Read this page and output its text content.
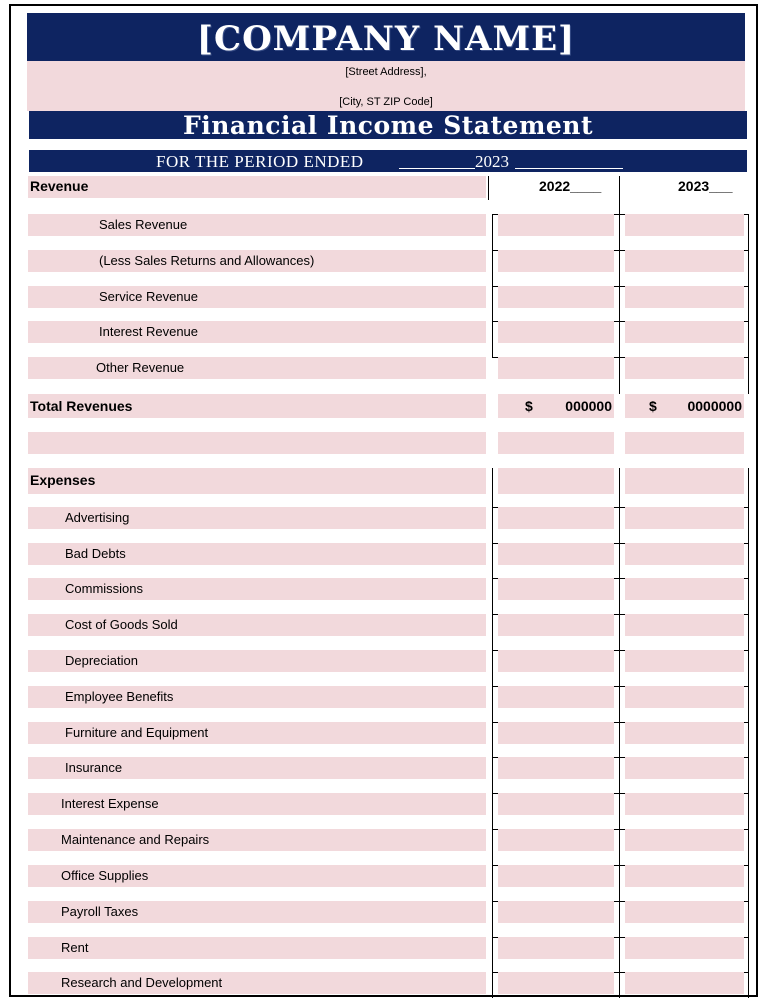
[COMPANY NAME]
[Street Address],
[City, ST ZIP Code]
Financial Income Statement
FOR THE PERIOD ENDED	2023
Revenue	2022____	2023___
Sales Revenue
(Less Sales Returns and Allowances)
Service Revenue
Interest Revenue
Other Revenue
Total Revenues	$ 000000	$ 0000000
Expenses
Advertising
Bad Debts
Commissions
Cost of Goods Sold
Depreciation
Employee Benefits
Furniture and Equipment
Insurance
Interest Expense
Maintenance and Repairs
Office Supplies
Payroll Taxes
Rent
Research and Development
